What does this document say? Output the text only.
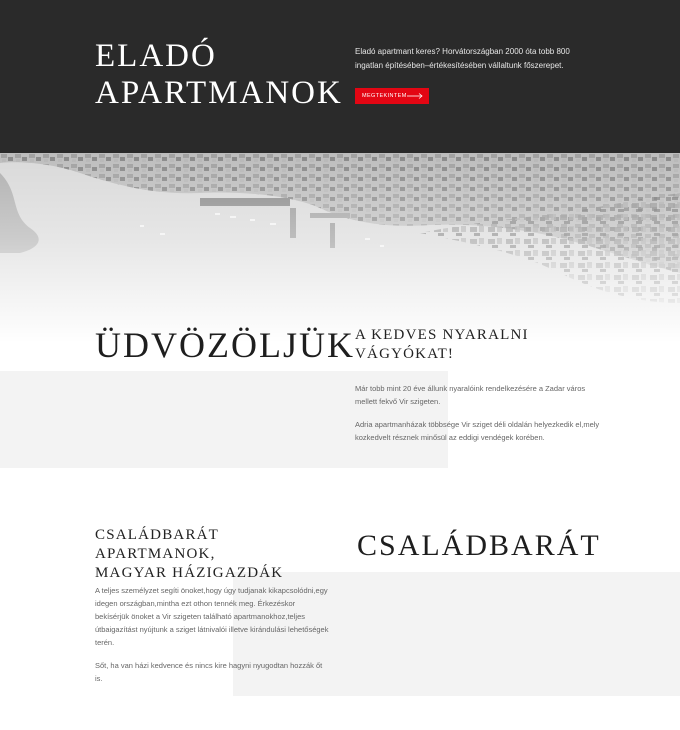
ELADÓ
APARTMANOK

Eladó apartmant keres? Horvátországban 2000 óta tobb 800 ingatlan építésében–értékesítésében vállaltunk főszerepet.

MEGTEKINTEM
ÜDVÖZÖLJÜK A KEDVES NYARALNI
VÁGYÓKAT!

Már tobb mint 20 éve állunk nyaralóink rendelkezésére a Zadar város mellett fekvő Vir szigeten.

Adria apartmanházak többsége Vir sziget déli oldalán helyezkedik el,mely kozkedvelt résznek minősül az eddigi vendégek korében.

CSALÁDBARÁT APARTMANOK,
MAGYAR HÁZIGAZDÁK
CSALÁDBARÁT

A teljes személyzet segíti önoket,hogy úgy tudjanak kikapcsolódni,egy idegen országban,mintha ezt othon tennék meg. Érkezéskor bekísérjük önoket a Vir szigeten található apartmanokhoz,teljes útbaigazítást nyújtunk a sziget látnivalói illetve kirándulási lehetőségek terén.

Sőt, ha van házi kedvence és nincs kire hagyni nyugodtan hozzák őt is.
